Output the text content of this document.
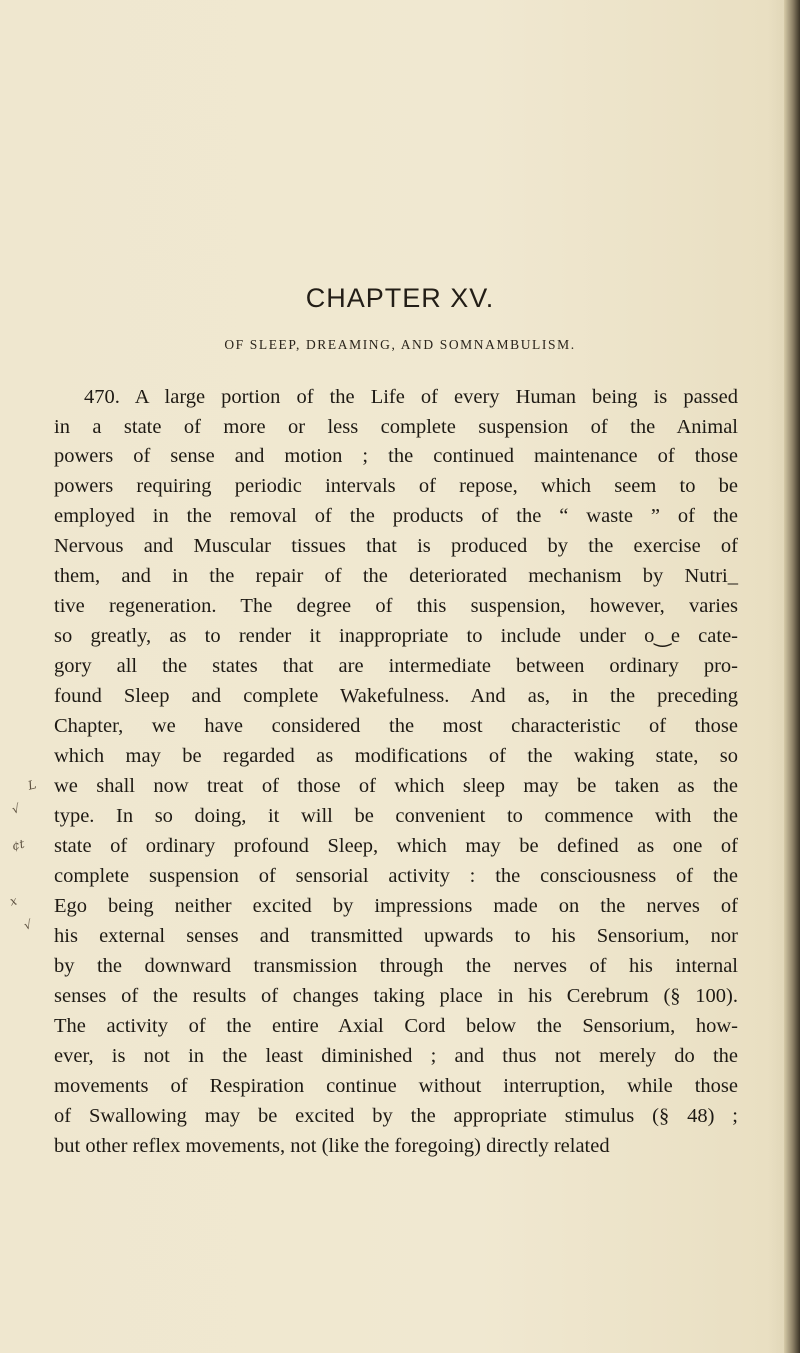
CHAPTER XV.
OF SLEEP, DREAMING, AND SOMNAMBULISM.
470. A large portion of the Life of every Human being is passed
in a state of more or less complete suspension of the Animal
powers of sense and motion ; the continued maintenance of those
powers requiring periodic intervals of repose, which seem to be
employed in the removal of the products of the “ waste ” of the
Nervous and Muscular tissues that is produced by the exercise of
them, and in the repair of the deteriorated mechanism by Nutri_
tive regeneration. The degree of this suspension, however, varies
so greatly, as to render it inappropriate to include under o‿e cate-
gory all the states that are intermediate between ordinary pro-
found Sleep and complete Wakefulness. And as, in the preceding
Chapter, we have considered the most characteristic of those
which may be regarded as modifications of the waking state, so
we shall now treat of those of which sleep may be taken as the
type. In so doing, it will be convenient to commence with the
state of ordinary profound Sleep, which may be defined as one of
complete suspension of sensorial activity : the consciousness of the
Ego being neither excited by impressions made on the nerves of
his external senses and transmitted upwards to his Sensorium, nor
by the downward transmission through the nerves of his internal
senses of the results of changes taking place in his Cerebrum (§ 100).
The activity of the entire Axial Cord below the Sensorium, how-
ever, is not in the least diminished ; and thus not merely do the
movements of Respiration continue without interruption, while those
of Swallowing may be excited by the appropriate stimulus (§ 48) ;
but other reflex movements, not (like the foregoing) directly related
L
√
¢t
x
√
